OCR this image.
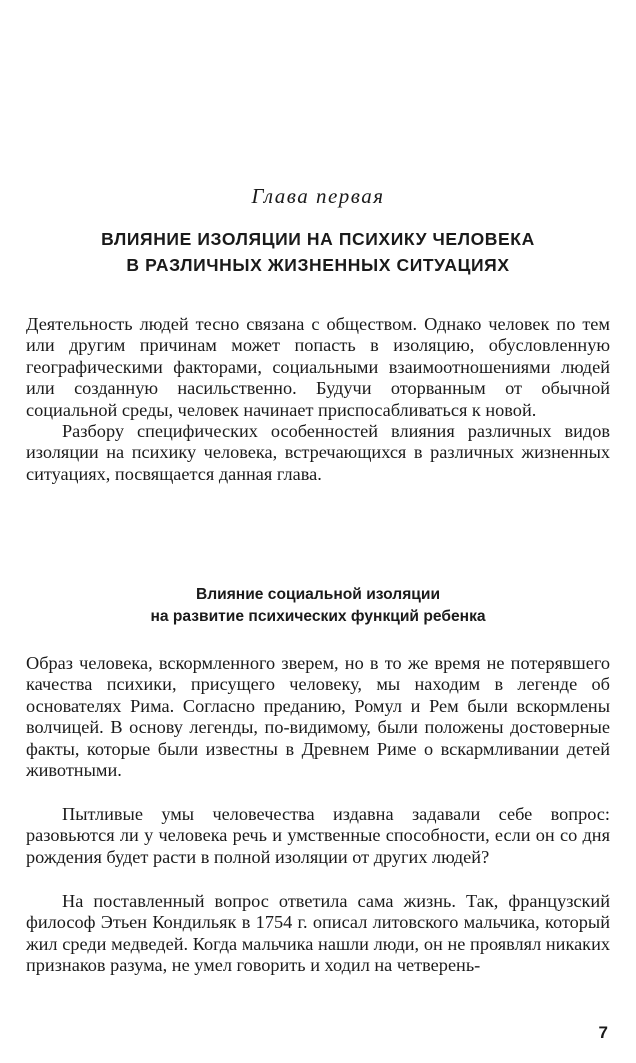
Глава первая
ВЛИЯНИЕ ИЗОЛЯЦИИ НА ПСИХИКУ ЧЕЛОВЕКА
В РАЗЛИЧНЫХ ЖИЗНЕННЫХ СИТУАЦИЯХ
Деятельность людей тесно связана с обществом. Однако человек по тем или другим причинам может попасть в изоляцию, обусловленную географическими факторами, социальными взаимоотношениями людей или созданную насильственно. Будучи оторванным от обычной социальной среды, человек начинает приспосабливаться к новой.
Разбору специфических особенностей влияния различных видов изоляции на психику человека, встречающихся в различных жизненных ситуациях, посвящается данная глава.
Влияние социальной изоляции
на развитие психических функций ребенка

Образ человека, вскормленного зверем, но в то же время не потерявшего качества психики, присущего человеку, мы находим в легенде об основателях Рима. Согласно преданию, Ромул и Рем были вскормлены волчицей. В основу легенды, по-видимому, были положены достоверные факты, которые были известны в Древнем Риме о вскармливании детей животными.

Пытливые умы человечества издавна задавали себе вопрос: разовьются ли у человека речь и умственные способности, если он со дня рождения будет расти в полной изоляции от других людей?

На поставленный вопрос ответила сама жизнь. Так, французский философ Этьен Кондильяк в 1754 г. описал литовского мальчика, который жил среди медведей. Когда мальчика нашли люди, он не проявлял никаких признаков разума, не умел говорить и ходил на четверень-

7
